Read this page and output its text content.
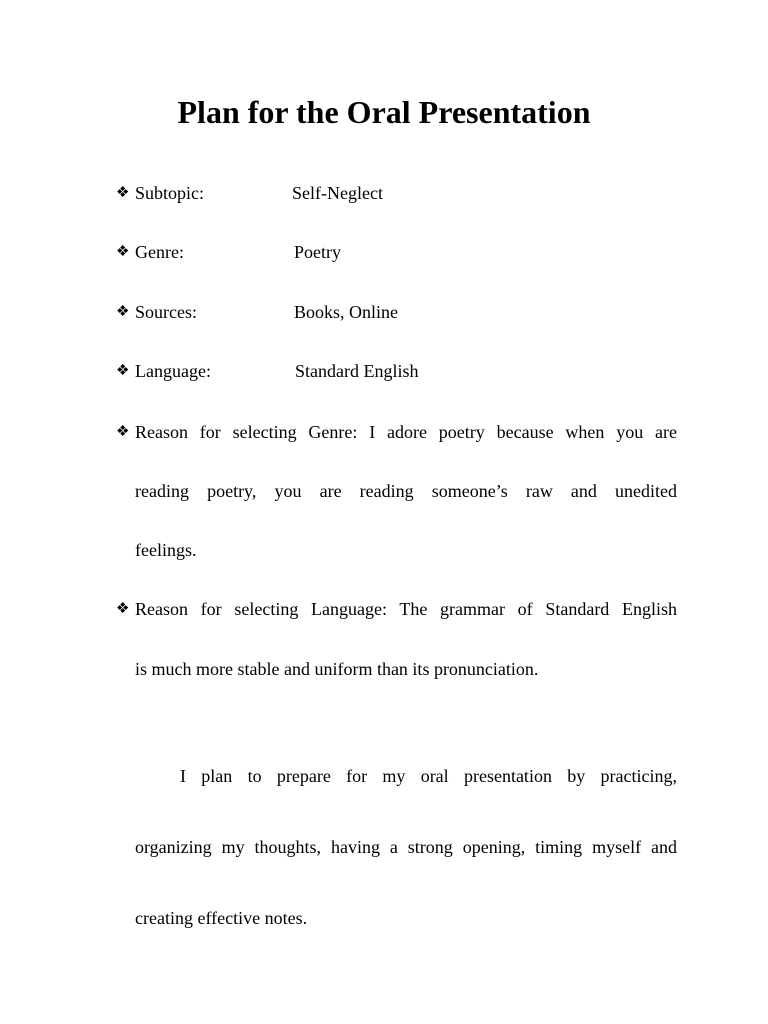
Plan for the Oral Presentation
❖ Subtopic:	Self-Neglect
❖ Genre:	Poetry
❖ Sources:	Books, Online
❖ Language:	Standard English
❖ Reason for selecting Genre: I adore poetry because when you are
reading poetry, you are reading someone’s raw and unedited
feelings.
❖ Reason for selecting Language: The grammar of Standard English
is much more stable and uniform than its pronunciation.
I plan to prepare for my oral presentation by practicing,
organizing my thoughts, having a strong opening, timing myself and
creating effective notes.
